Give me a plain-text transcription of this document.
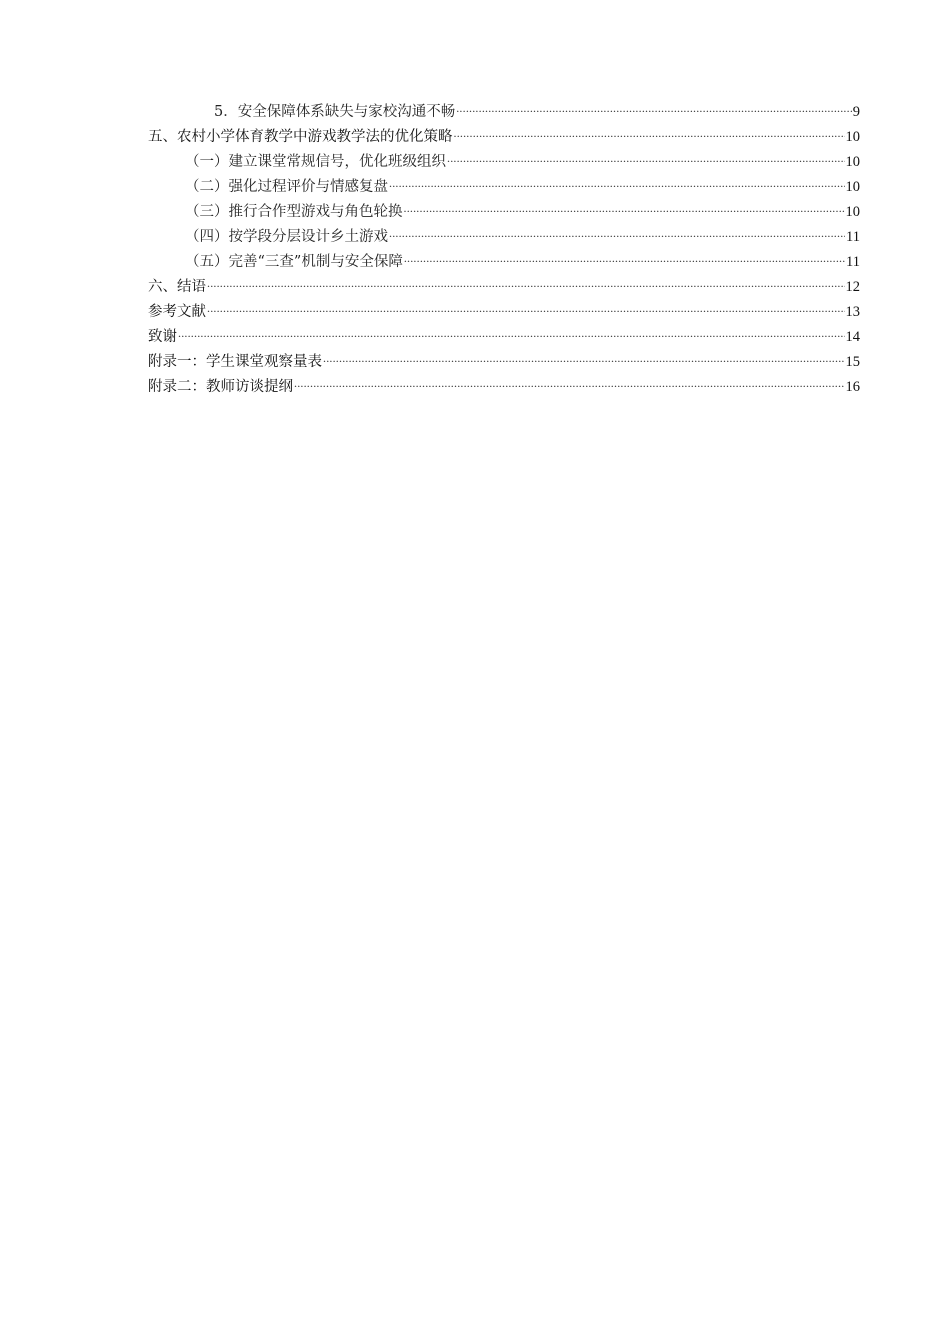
5．安全保障体系缺失与家校沟通不畅 .....	9
五、农村小学体育教学中游戏教学法的优化策略 .....	10
（一）建立课堂常规信号，优化班级组织 .....	10
（二）强化过程评价与情感复盘 .....	10
（三）推行合作型游戏与角色轮换 .....	10
（四）按学段分层设计乡土游戏 .....	11
（五）完善“三查”机制与安全保障 .....	11
六、结语 .....	12
参考文献 .....	13
致谢 .....	14
附录一：学生课堂观察量表 .....	15
附录二：教师访谈提纲 .....	16
